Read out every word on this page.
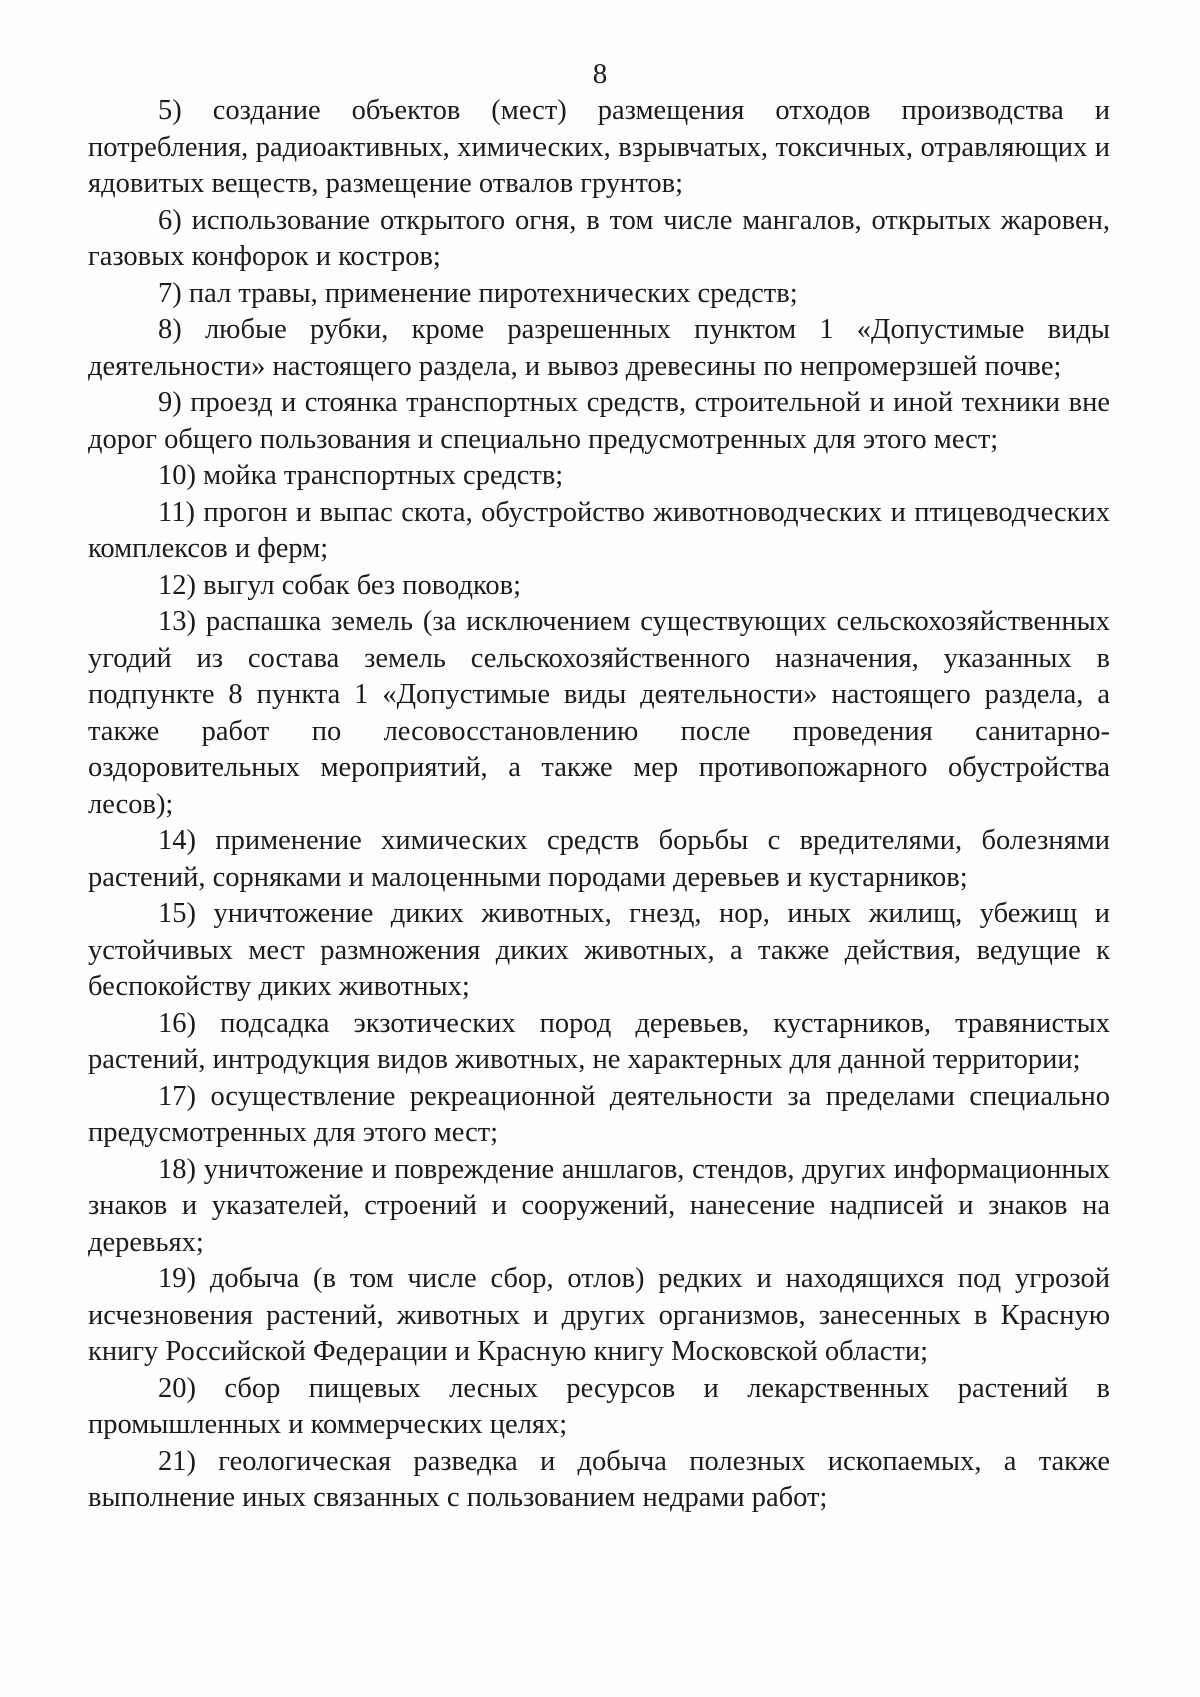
8

5) создание объектов (мест) размещения отходов производства и потребления, радиоактивных, химических, взрывчатых, токсичных, отравляющих и ядовитых веществ, размещение отвалов грунтов;

6) использование открытого огня, в том числе мангалов, открытых жаровен, газовых конфорок и костров;

7) пал травы, применение пиротехнических средств;

8) любые рубки, кроме разрешенных пунктом 1 «Допустимые виды деятельности» настоящего раздела, и вывоз древесины по непромерзшей почве;

9) проезд и стоянка транспортных средств, строительной и иной техники вне дорог общего пользования и специально предусмотренных для этого мест;

10) мойка транспортных средств;

11) прогон и выпас скота, обустройство животноводческих и птицеводческих комплексов и ферм;

12) выгул собак без поводков;

13) распашка земель (за исключением существующих сельскохозяйственных угодий из состава земель сельскохозяйственного назначения, указанных в подпункте 8 пункта 1 «Допустимые виды деятельности» настоящего раздела, а также работ по лесовосстановлению после проведения санитарно-оздоровительных мероприятий, а также мер противопожарного обустройства лесов);

14) применение химических средств борьбы с вредителями, болезнями растений, сорняками и малоценными породами деревьев и кустарников;

15) уничтожение диких животных, гнезд, нор, иных жилищ, убежищ и устойчивых мест размножения диких животных, а также действия, ведущие к беспокойству диких животных;

16) подсадка экзотических пород деревьев, кустарников, травянистых растений, интродукция видов животных, не характерных для данной территории;

17) осуществление рекреационной деятельности за пределами специально предусмотренных для этого мест;

18) уничтожение и повреждение аншлагов, стендов, других информационных знаков и указателей, строений и сооружений, нанесение надписей и знаков на деревьях;

19) добыча (в том числе сбор, отлов) редких и находящихся под угрозой исчезновения растений, животных и других организмов, занесенных в Красную книгу Российской Федерации и Красную книгу Московской области;

20) сбор пищевых лесных ресурсов и лекарственных растений в промышленных и коммерческих целях;

21) геологическая разведка и добыча полезных ископаемых, а также выполнение иных связанных с пользованием недрами работ;
